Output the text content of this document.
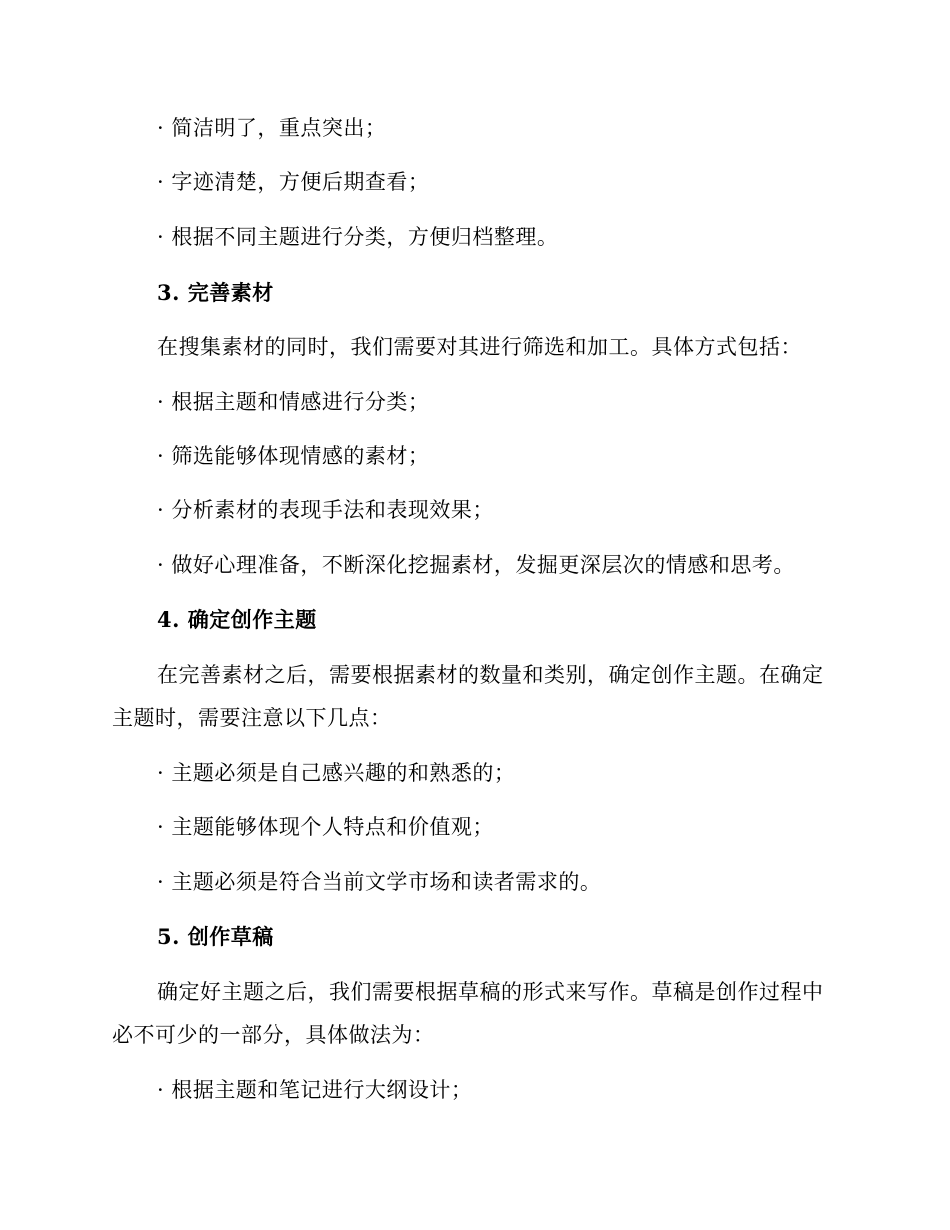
· 简洁明了，重点突出；
· 字迹清楚，方便后期查看；
· 根据不同主题进行分类，方便归档整理。
3. 完善素材
在搜集素材的同时，我们需要对其进行筛选和加工。具体方式包括：
· 根据主题和情感进行分类；
· 筛选能够体现情感的素材；
· 分析素材的表现手法和表现效果；
· 做好心理准备，不断深化挖掘素材，发掘更深层次的情感和思考。
4. 确定创作主题
在完善素材之后，需要根据素材的数量和类别，确定创作主题。在确定
主题时，需要注意以下几点：
· 主题必须是自己感兴趣的和熟悉的；
· 主题能够体现个人特点和价值观；
· 主题必须是符合当前文学市场和读者需求的。
5. 创作草稿
确定好主题之后，我们需要根据草稿的形式来写作。草稿是创作过程中
必不可少的一部分，具体做法为：
· 根据主题和笔记进行大纲设计；
